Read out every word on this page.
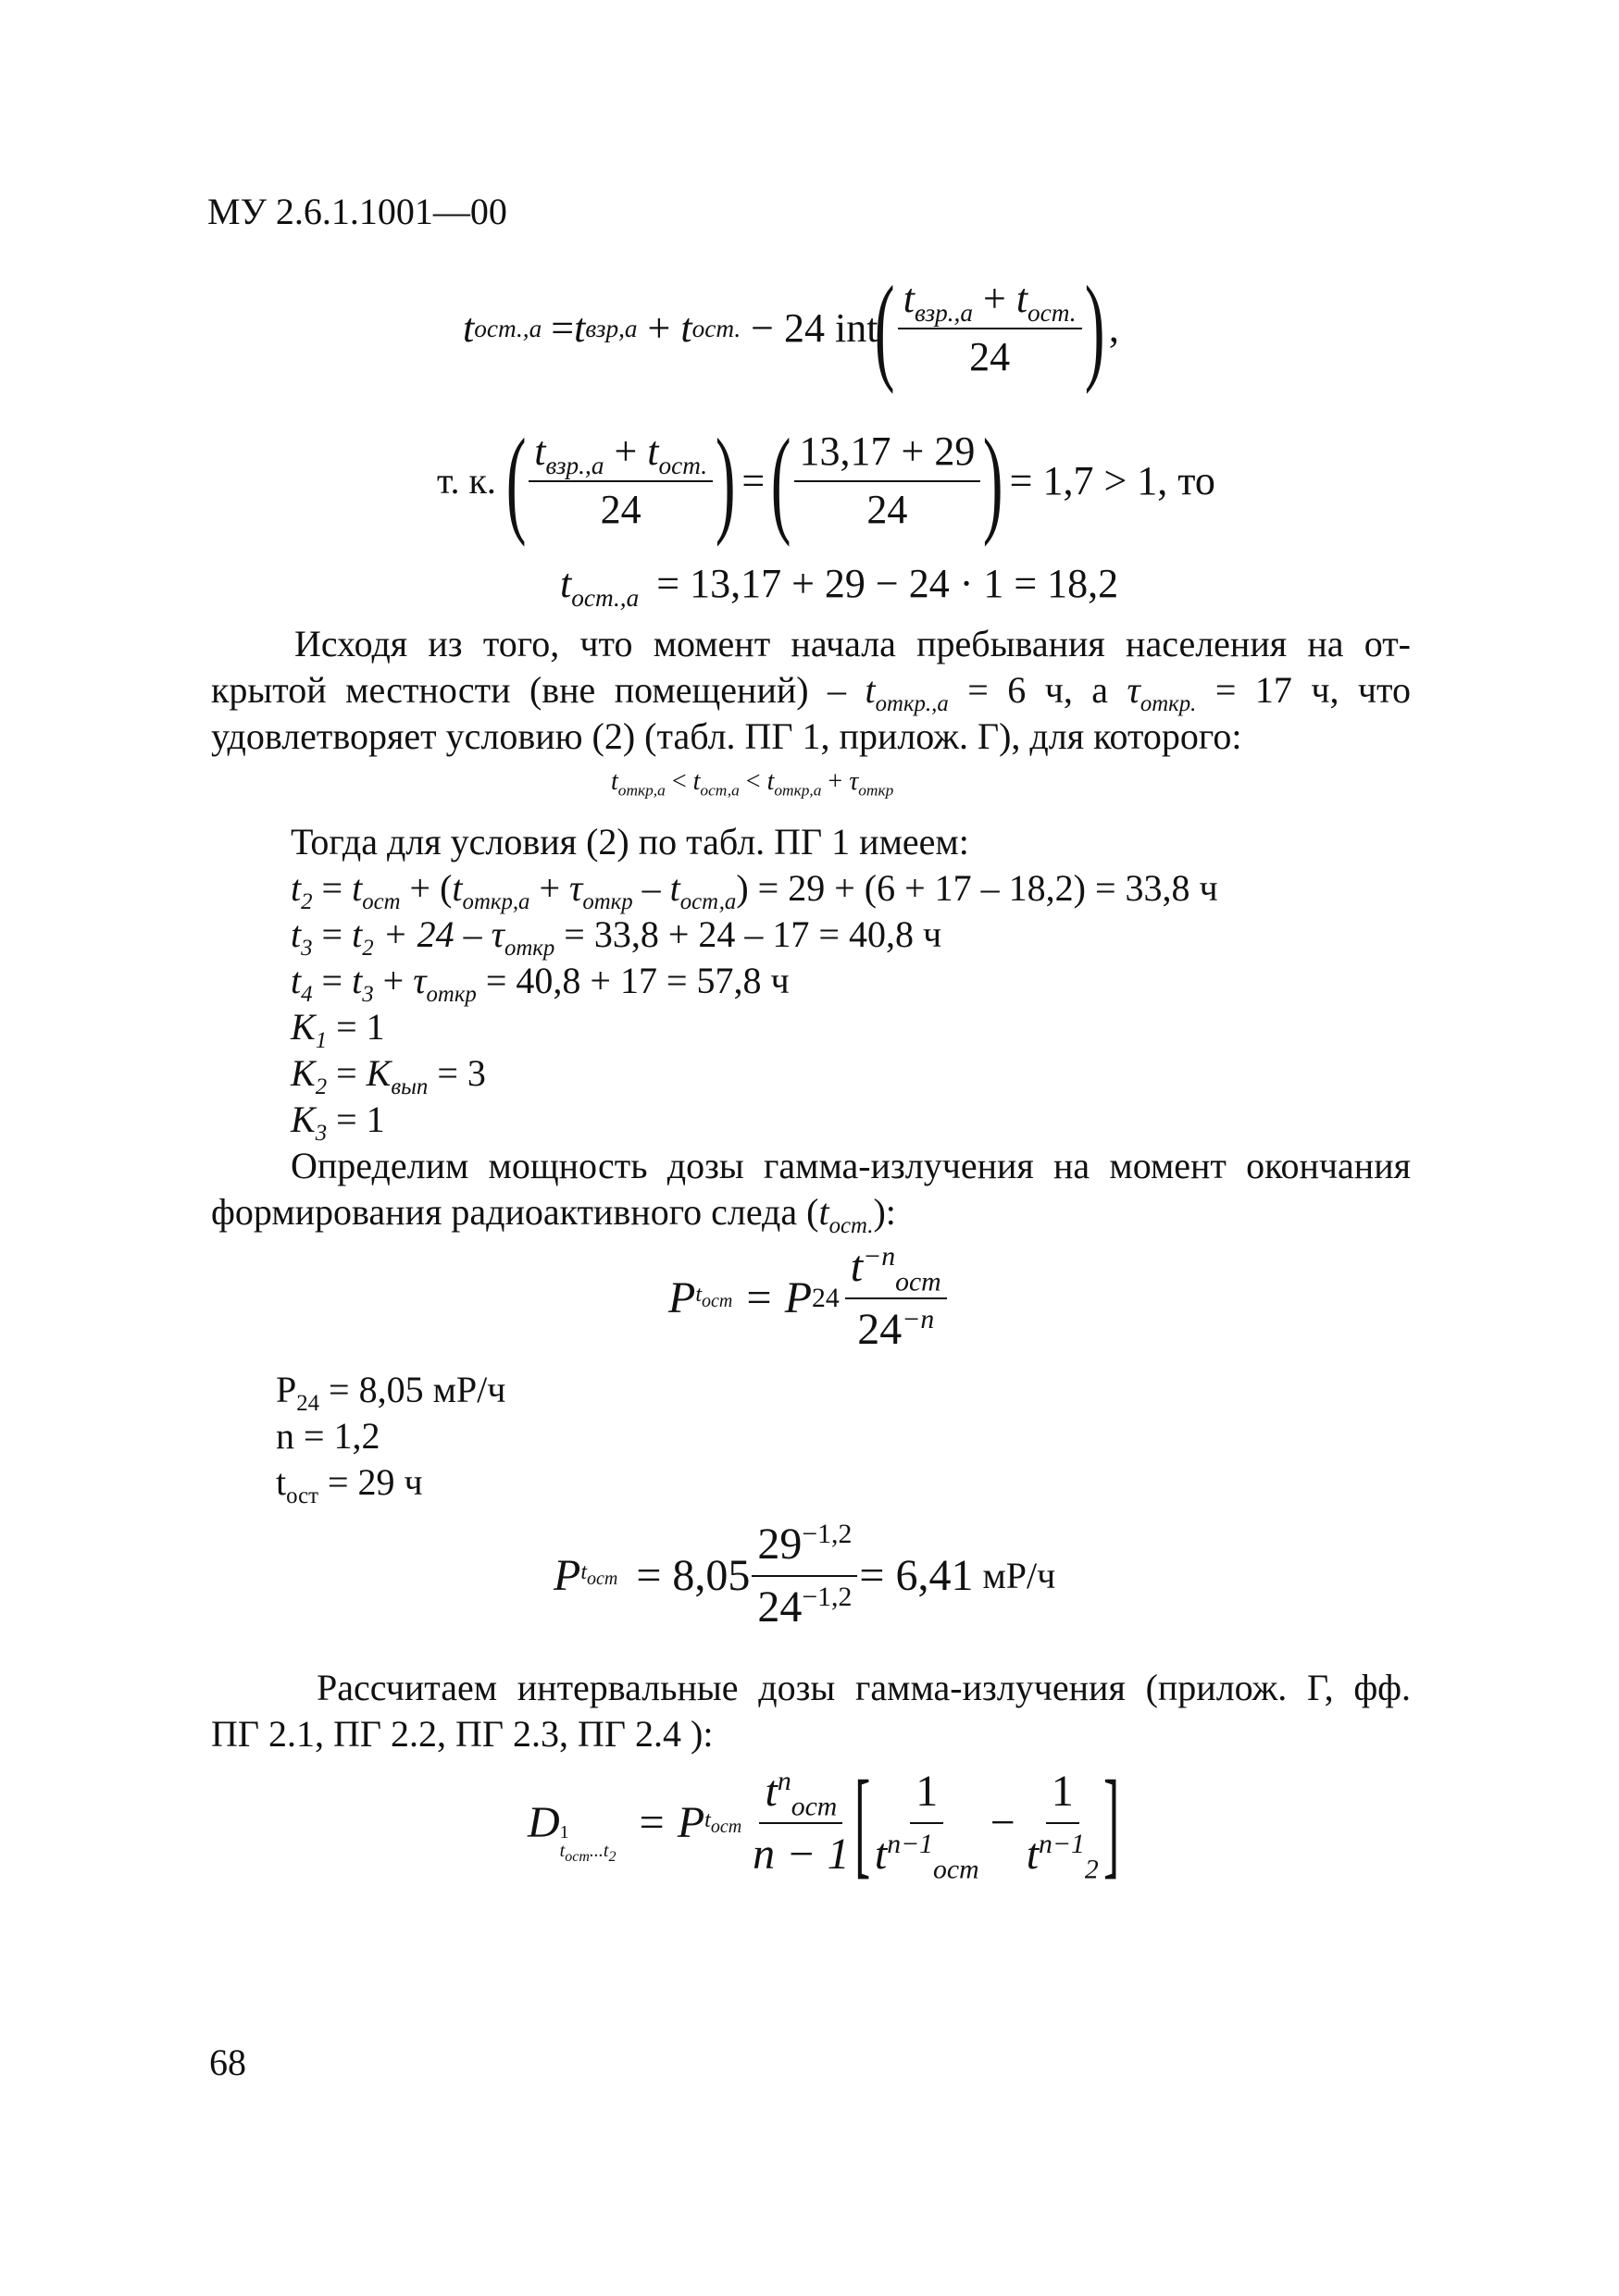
МУ 2.6.1.1001—00
t ост.,а = t взр,а + t ост. − 24 int
( $\frac{t_{взр.,а} + t_{ост.}}{24}$ ) ,
т. к. ( $\frac{t_{взр.,а} + t_{ост.}}{24}$ ) = ( $\frac{13,17 + 29}{24}$ ) = 1,7 > 1, то
$t_{ост.,а} = 13,17 + 29 - 24 \cdot 1 = 18,2$
Исходя из того, что момент начала пребывания населения на от-
крытой местности (вне помещений) – $t_{откр.,а} = 6$ ч, а $\tau_{откр.} = 17$ ч, что
удовлетворяет условию (2) (табл. ПГ 1, прилож. Г), для которого:
$t_{откр,а} < t_{ост,а} < t_{откр,а} + \tau_{откр}$
Тогда для условия (2) по табл. ПГ 1 имеем:
$t_2 = t_{ост} + (t_{откр,а} + \tau_{откр} - t_{ост,а}) = 29 + (6 + 17 - 18,2) = 33,8$ ч
$t_3 = t_2 + 24 - \tau_{откр} = 33,8 + 24 - 17 = 40,8$ ч
$t_4 = t_3 + \tau_{откр} = 40,8 + 17 = 57,8$ ч
$K_1 = 1$
$K_2 = K_{вып} = 3$
$K_3 = 1$
Определим мощность дозы гамма-излучения на момент окончания
формирования радиоактивного следа $(t_{ост.})$:
P $t_{ост} = P$ $24 \frac{t^{-n}_{ост}}{24^{-n}}$
$P_{24} = 8,05$ мР/ч
n = 1,2
$t_{ост} = 29$ ч
P $t_{ост} = 8,05 \frac{29^{-1,2}}{24^{-1,2}} = 6,41$ мР/ч
Рассчитаем интервальные дозы гамма-излучения (прилож. Г, фф.
ПГ 2.1, ПГ 2.2, ПГ 2.3, ПГ 2.4 ):
D 1
$t_{ост}...t_2$
= P $t_{ост} \frac{t^n_{ост}}{n - 1}$
[
$\frac{1}{t^{n-1}_{ост}} - \frac{1}{t^{n-1}_2}$
]
68
